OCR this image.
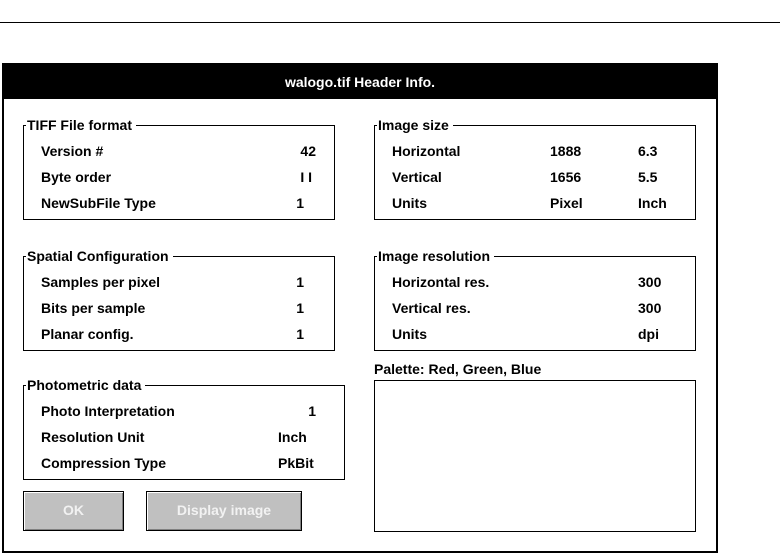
walogo.tif Header Info.
TIFF File format
Version #	42
Byte order	I I
NewSubFile Type	1
Image size
Horizontal	1888	6.3
Vertical	1656	5.5
Units	Pixel	Inch
Spatial Configuration
Samples per pixel	1
Bits per sample	1
Planar config.	1
Image resolution
Horizontal res.	300
Vertical res.	300
Units	dpi
Photometric data
Photo Interpretation	1
Resolution Unit	Inch
Compression Type	PkBit
Palette: Red, Green, Blue
OK	Display image
